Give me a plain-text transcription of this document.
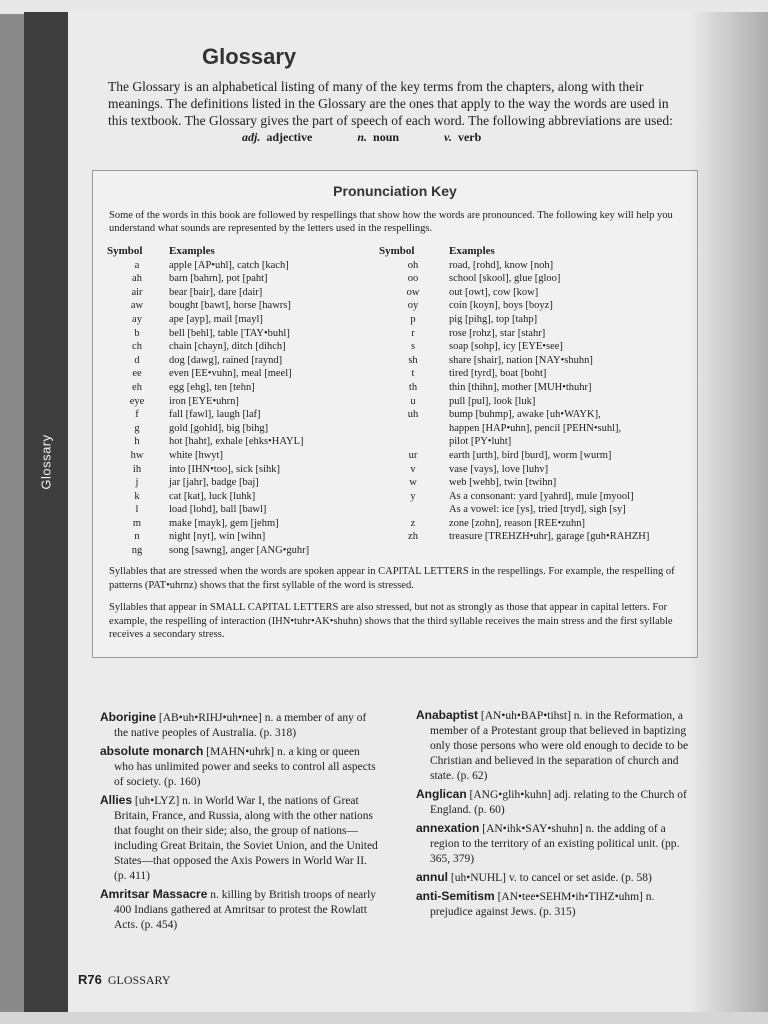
Glossary
Glossary
The Glossary is an alphabetical listing of many of the key terms from the chapters, along with their meanings. The definitions listed in the Glossary are the ones that apply to the way the words are used in this textbook. The Glossary gives the part of speech of each word. The following abbreviations are used:
adj. adjective	n. noun	v. verb
Pronunciation Key
Some of the words in this book are followed by respellings that show how the words are pronounced. The following key will help you understand what sounds are represented by the letters used in the respellings.
Symbol	Examples	Symbol	Examples
a	apple [AP•uhl], catch [kach]	oh	road, [rohd], know [noh]
ah	barn [bahrn], pot [paht]	oo	school [skool], glue [gloo]
air	bear [bair], dare [dair]	ow	out [owt], cow [kow]
aw	bought [bawt], horse [hawrs]	oy	coin [koyn], boys [boyz]
ay	ape [ayp], mail [mayl]	p	pig [pihg], top [tahp]
b	bell [behl], table [TAY•buhl]	r	rose [rohz], star [stahr]
ch	chain [chayn], ditch [dihch]	s	soap [sohp], icy [EYE•see]
d	dog [dawg], rained [raynd]	sh	share [shair], nation [NAY•shuhn]
ee	even [EE•vuhn], meal [meel]	t	tired [tyrd], boat [boht]
eh	egg [ehg], ten [tehn]	th	thin [thihn], mother [MUH•thuhr]
eye	iron [EYE•uhrn]	u	pull [pul], look [luk]
f	fall [fawl], laugh [laf]	uh	bump [buhmp], awake [uh•WAYK],
g	gold [gohld], big [bihg]		happen [HAP•uhn], pencil [PEHN•suhl],
h	hot [haht], exhale [ehks•HAYL]		pilot [PY•luht]
hw	white [hwyt]	ur	earth [urth], bird [burd], worm [wurm]
ih	into [IHN•too], sick [sihk]	v	vase [vays], love [luhv]
j	jar [jahr], badge [baj]	w	web [wehb], twin [twihn]
k	cat [kat], luck [luhk]	y	As a consonant: yard [yahrd], mule [myool]
l	load [lohd], ball [bawl]		As a vowel: ice [ys], tried [tryd], sigh [sy]
m	make [mayk], gem [jehm]	z	zone [zohn], reason [REE•zuhn]
n	night [nyt], win [wihn]	zh	treasure [TREHZH•uhr], garage [guh•RAHZH]
ng	song [sawng], anger [ANG•guhr]		
Syllables that are stressed when the words are spoken appear in CAPITAL LETTERS in the respellings. For example, the respelling of patterns (PAT•uhrnz) shows that the first syllable of the word is stressed.
Syllables that appear in SMALL CAPITAL LETTERS are also stressed, but not as strongly as those that appear in capital letters. For example, the respelling of interaction (IHN•tuhr•AK•shuhn) shows that the third syllable receives the main stress and the first syllable receives a secondary stress.
Aborigine [AB•uh•RIHJ•uh•nee] n. a member of any of the native peoples of Australia. (p. 318)
absolute monarch [MAHN•uhrk] n. a king or queen who has unlimited power and seeks to control all aspects of society. (p. 160)
Allies [uh•LYZ] n. in World War I, the nations of Great Britain, France, and Russia, along with the other nations that fought on their side; also, the group of nations—including Great Britain, the Soviet Union, and the United States—that opposed the Axis Powers in World War II. (p. 411)
Amritsar Massacre n. killing by British troops of nearly 400 Indians gathered at Amritsar to protest the Rowlatt Acts. (p. 454)
Anabaptist [AN•uh•BAP•tihst] n. in the Reformation, a member of a Protestant group that believed in baptizing only those persons who were old enough to decide to be Christian and believed in the separation of church and state. (p. 62)
Anglican [ANG•glih•kuhn] adj. relating to the Church of England. (p. 60)
annexation [AN•ihk•SAY•shuhn] n. the adding of a region to the territory of an existing political unit. (pp. 365, 379)
annul [uh•NUHL] v. to cancel or set aside. (p. 58)
anti-Semitism [AN•tee•SEHM•ih•TIHZ•uhm] n. prejudice against Jews. (p. 315)
R76 GLOSSARY
